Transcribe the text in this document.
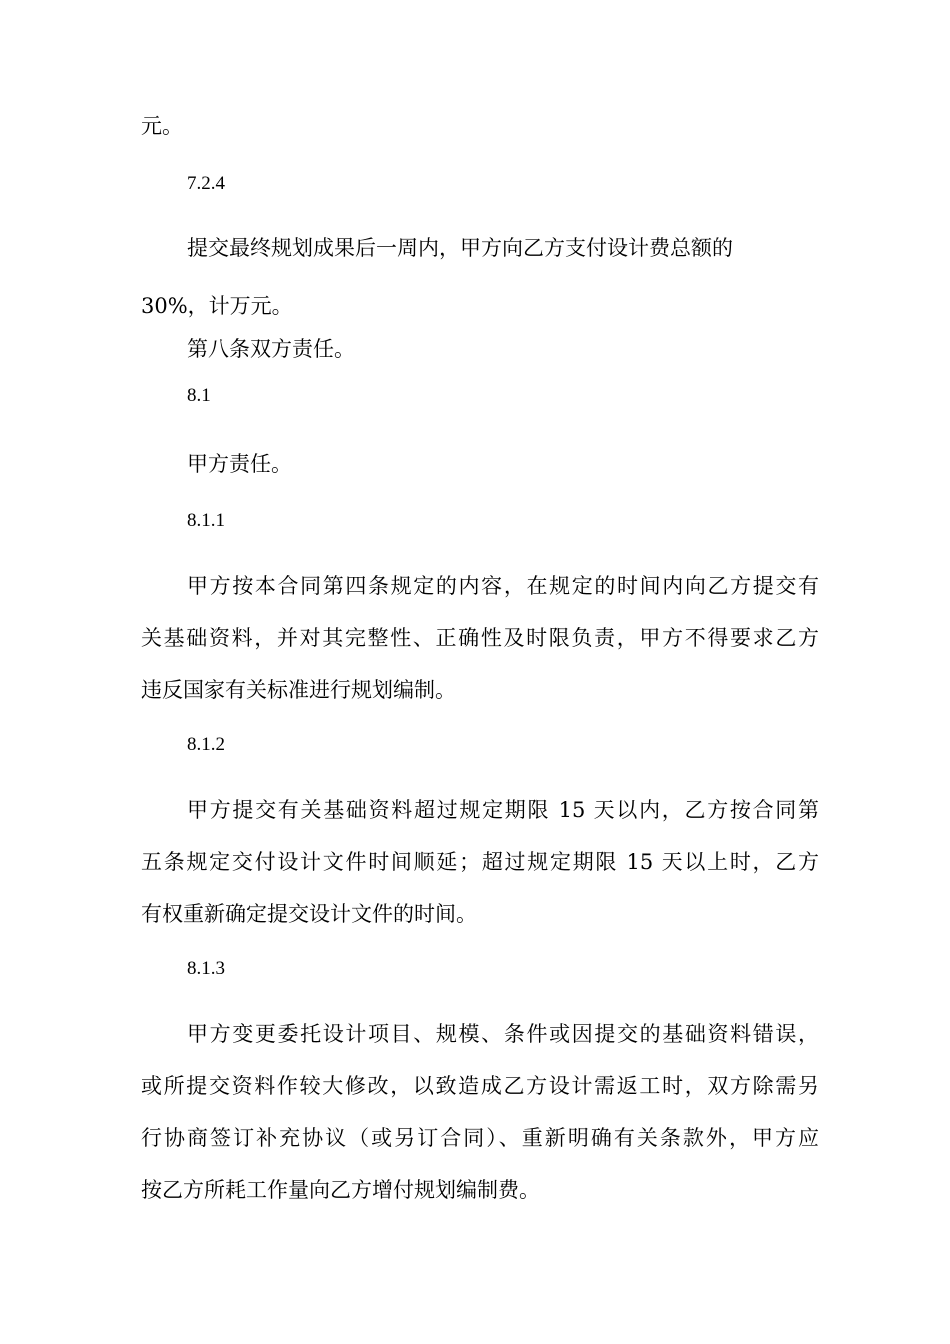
元。
7.2.4
提交最终规划成果后一周内，甲方向乙方支付设计费总额的
30%，计万元。
第八条双方责任。
8.1
甲方责任。
8.1.1
甲方按本合同第四条规定的内容，在规定的时间内向乙方提交有
关基础资料，并对其完整性、正确性及时限负责，甲方不得要求乙方
违反国家有关标准进行规划编制。
8.1.2
甲方提交有关基础资料超过规定期限 15 天以内，乙方按合同第
五条规定交付设计文件时间顺延；超过规定期限 15 天以上时，乙方
有权重新确定提交设计文件的时间。
8.1.3
甲方变更委托设计项目、规模、条件或因提交的基础资料错误，
或所提交资料作较大修改，以致造成乙方设计需返工时，双方除需另
行协商签订补充协议（或另订合同）、重新明确有关条款外，甲方应
按乙方所耗工作量向乙方增付规划编制费。
